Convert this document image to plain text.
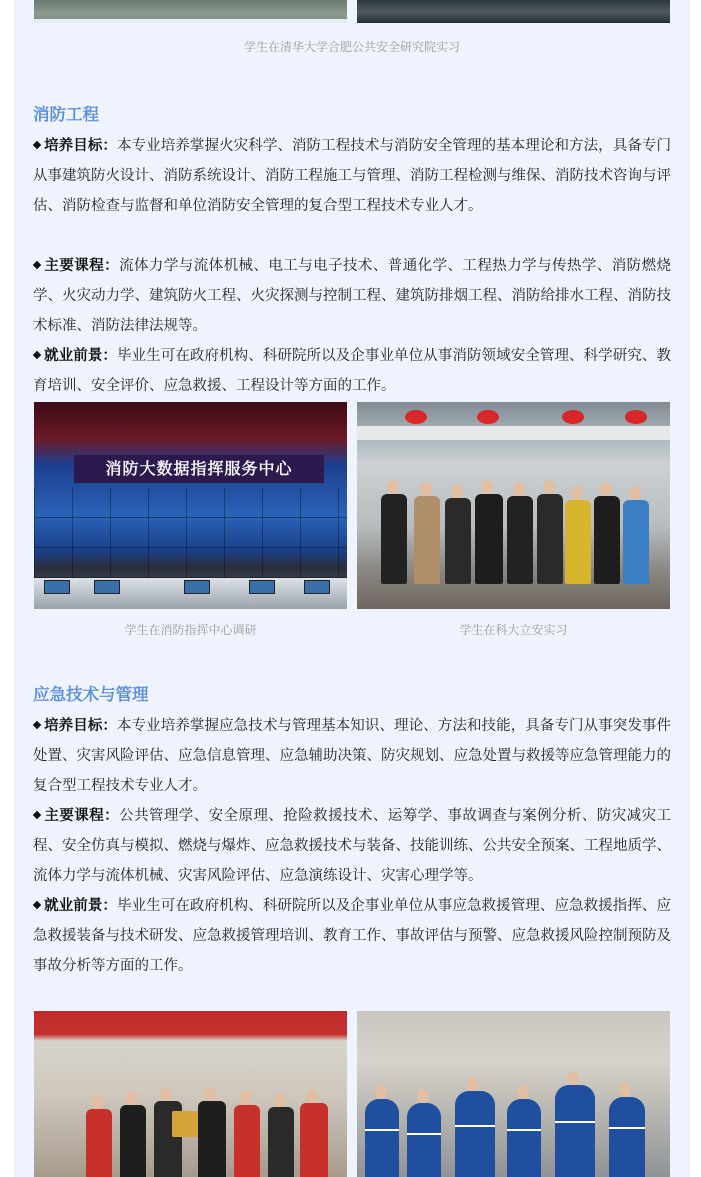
学生在清华大学合肥公共安全研究院实习
消防工程
培养目标：本专业培养掌握火灾科学、消防工程技术与消防安全管理的基本理论和方法，具备专门从事建筑防火设计、消防系统设计、消防工程施工与管理、消防工程检测与维保、消防技术咨询与评估、消防检查与监督和单位消防安全管理的复合型工程技术专业人才。
主要课程：流体力学与流体机械、电工与电子技术、普通化学、工程热力学与传热学、消防燃烧学、火灾动力学、建筑防火工程、火灾探测与控制工程、建筑防排烟工程、消防给排水工程、消防技术标准、消防法律法规等。
就业前景：毕业生可在政府机构、科研院所以及企事业单位从事消防领域安全管理、科学研究、教育培训、安全评价、应急救援、工程设计等方面的工作。
消防大数据指挥服务中心
学生在消防指挥中心调研	学生在科大立安实习
应急技术与管理
培养目标：本专业培养掌握应急技术与管理基本知识、理论、方法和技能，具备专门从事突发事件处置、灾害风险评估、应急信息管理、应急辅助决策、防灾规划、应急处置与救援等应急管理能力的复合型工程技术专业人才。
主要课程：公共管理学、安全原理、抢险救援技术、运筹学、事故调查与案例分析、防灾减灾工程、安全仿真与模拟、燃烧与爆炸、应急救援技术与装备、技能训练、公共安全预案、工程地质学、流体力学与流体机械、灾害风险评估、应急演练设计、灾害心理学等。
就业前景：毕业生可在政府机构、科研院所以及企事业单位从事应急救援管理、应急救援指挥、应急救援装备与技术研发、应急救援管理培训、教育工作、事故评估与预警、应急救援风险控制预防及事故分析等方面的工作。
